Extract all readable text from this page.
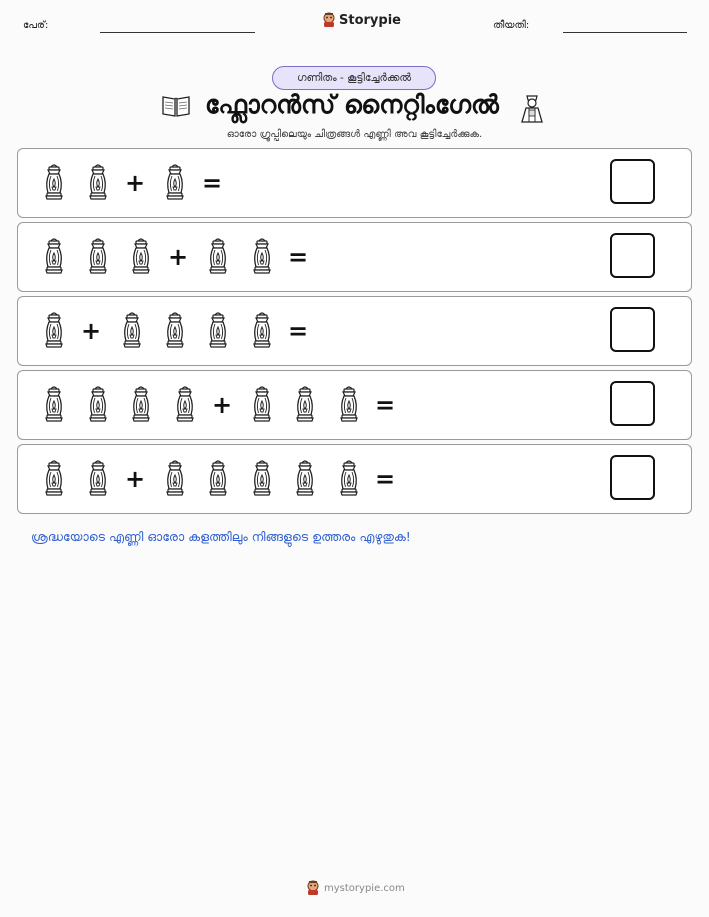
പേര്:	Storypie	തീയതി:
ഗണിതം - കൂട്ടിച്ചേർക്കൽ
ഫ്ലോറൻസ് നൈറ്റിംഗേൽ
ഓരോ ഗ്രൂപ്പിലെയും ചിത്രങ്ങൾ എണ്ണി അവ കൂട്ടിച്ചേർക്കുക.
+ =
+	=
+	=
+	=
+	=
ശ്രദ്ധയോടെ എണ്ണി ഓരോ കളത്തിലും നിങ്ങളുടെ ഉത്തരം എഴുതുക!
mystorypie.com
